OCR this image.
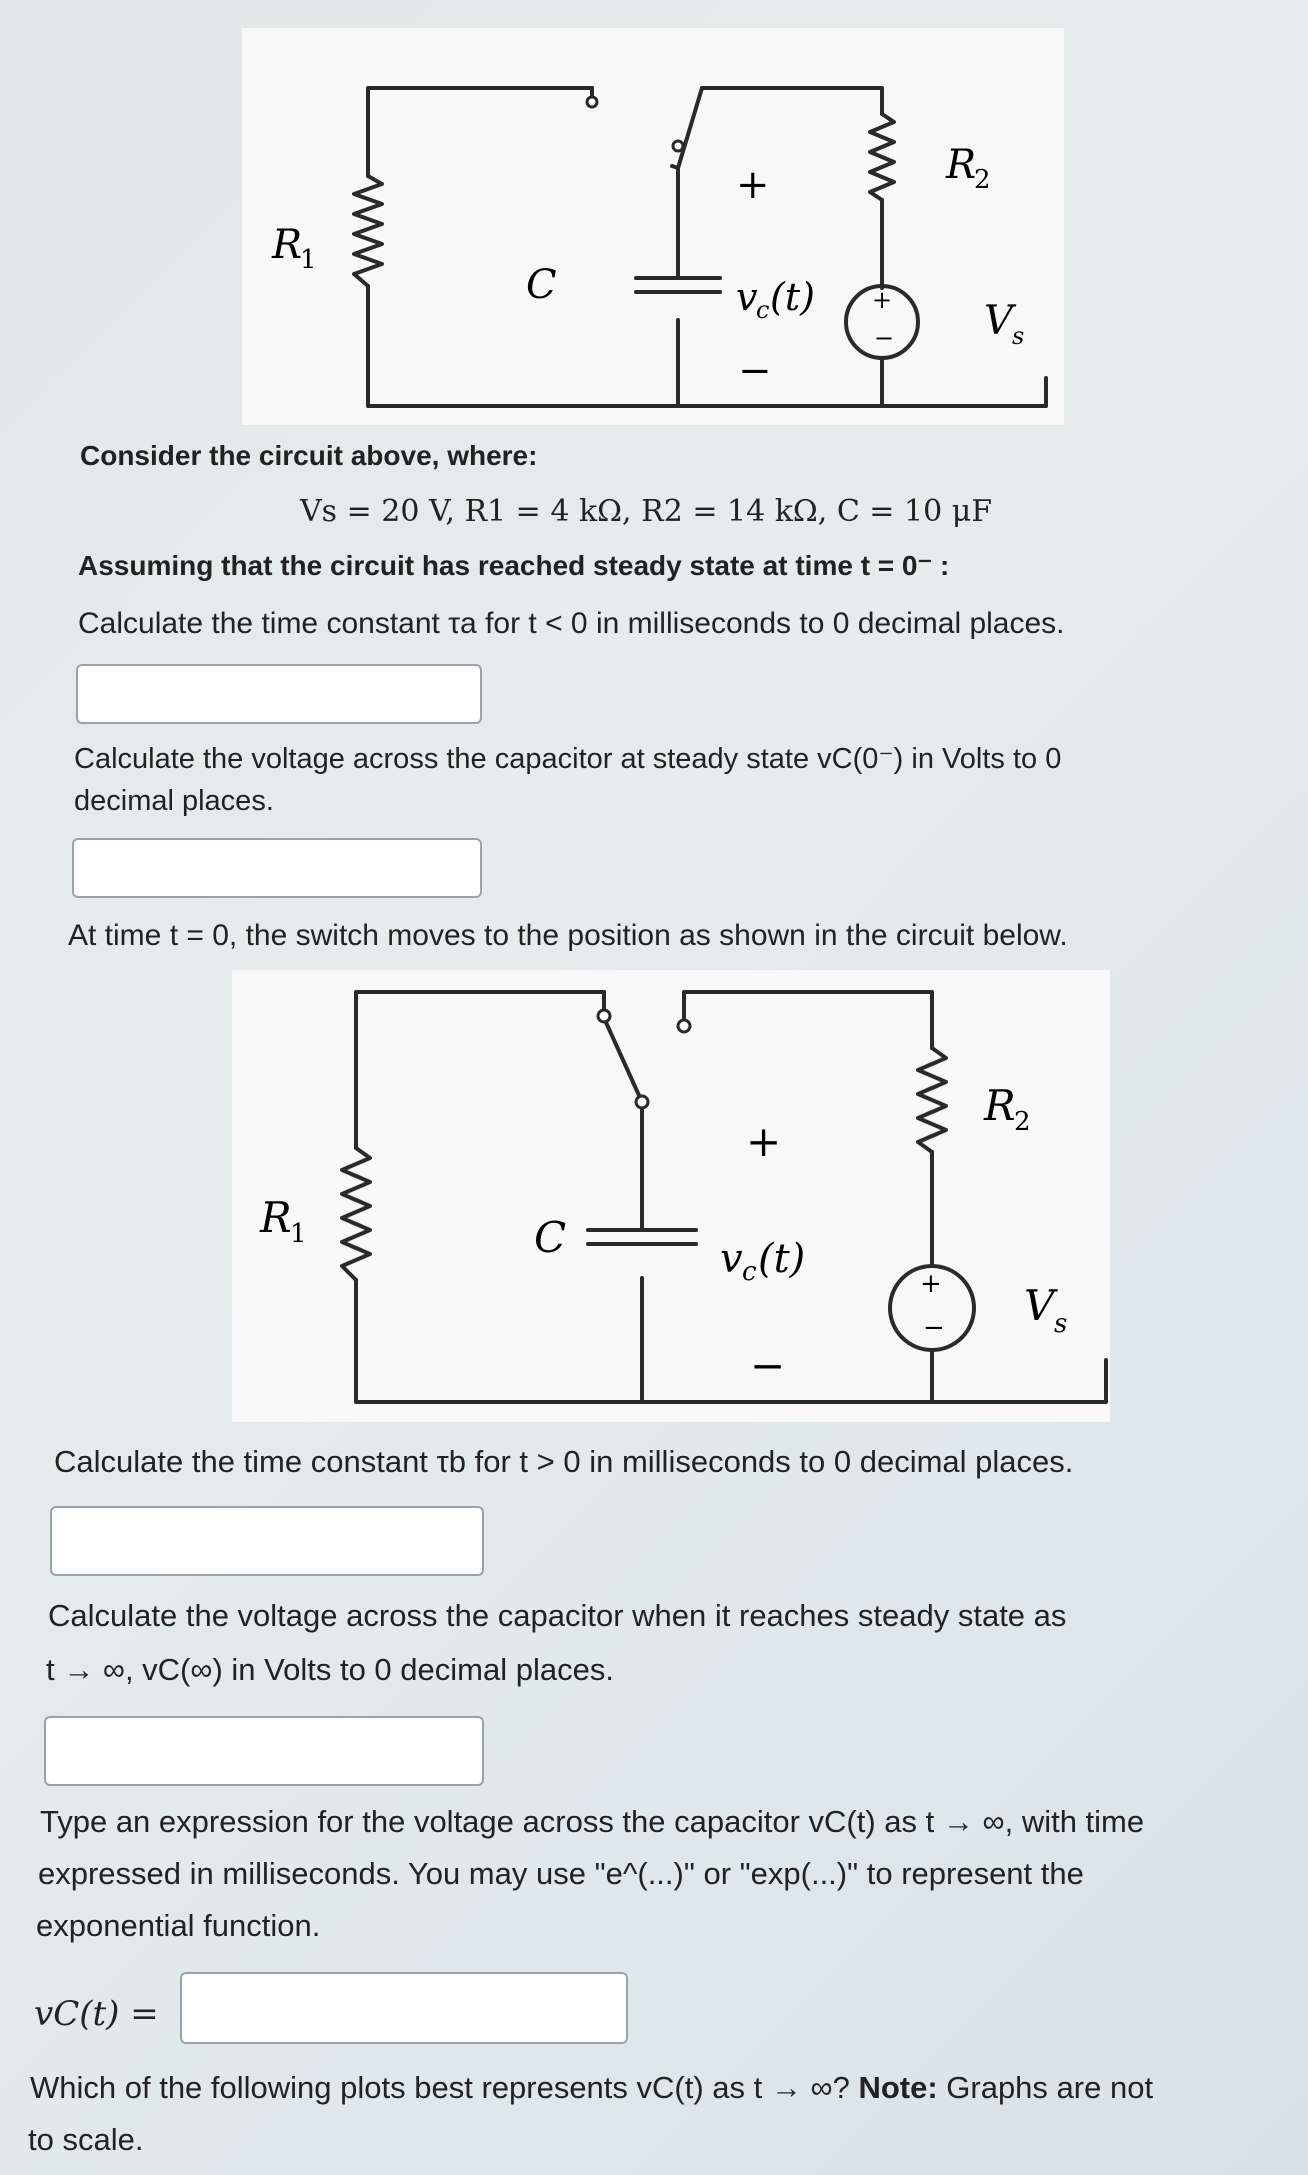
+
−
R
1
R
2
C	v
c (t)
+
−
V s
Consider the circuit above, where:
Vs = 20 V, R1 = 4 kΩ, R2 = 14 kΩ, C = 10 μF
Assuming that the circuit has reached steady state at time t = 0⁻ :
Calculate the time constant τa for t < 0 in milliseconds to 0 decimal places.
Calculate the voltage across the capacitor at steady state vC(0⁻) in Volts to 0
decimal places.
At time t = 0, the switch moves to the position as shown in the circuit below.
+
−
R
1
R
2
C	v c (t)
+
−
V s
Calculate the time constant τb for t > 0 in milliseconds to 0 decimal places.
Calculate the voltage across the capacitor when it reaches steady state as
t → ∞, vC(∞) in Volts to 0 decimal places.
Type an expression for the voltage across the capacitor vC(t) as t → ∞, with time
expressed in milliseconds. You may use "e^(...)" or "exp(...)" to represent the
exponential function.
vC(t) =
Which of the following plots best represents vC(t) as t → ∞? Note: Graphs are not
to scale.
